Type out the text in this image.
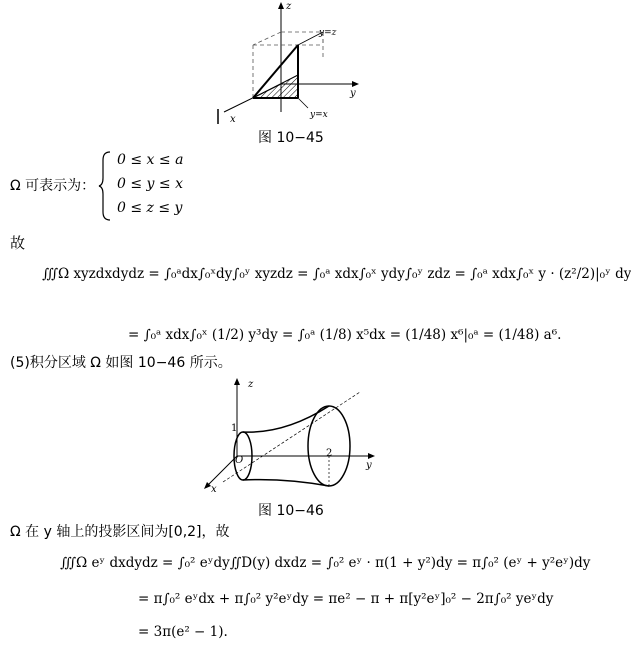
z
y
x
y=z
y=x
图 10−45
Ω 可表示为：
0 ≤ x ≤ a
0 ≤ y ≤ x
0 ≤ z ≤ y
故
∭Ω xyzdxdydz = ∫₀ᵃdx∫₀ˣdy∫₀ʸ xyzdz = ∫₀ᵃ xdx∫₀ˣ ydy∫₀ʸ zdz = ∫₀ᵃ xdx∫₀ˣ y · (z²/2)|₀ʸ dy
= ∫₀ᵃ xdx∫₀ˣ (1/2) y³dy = ∫₀ᵃ (1/8) x⁵dx = (1/48) x⁶|₀ᵃ = (1/48) a⁶.
(5)积分区域 Ω 如图 10−46 所示。
z
y
x
1
O
2
图 10−46
Ω 在 y 轴上的投影区间为[0,2]，故
∭Ω eʸ dxdydz = ∫₀² eʸdy∬D(y) dxdz = ∫₀² eʸ · π(1 + y²)dy = π∫₀² (eʸ + y²eʸ)dy
= π∫₀² eʸdx + π∫₀² y²eʸdy = πe² − π + π[y²eʸ]₀² − 2π∫₀² yeʸdy
= 3π(e² − 1).
